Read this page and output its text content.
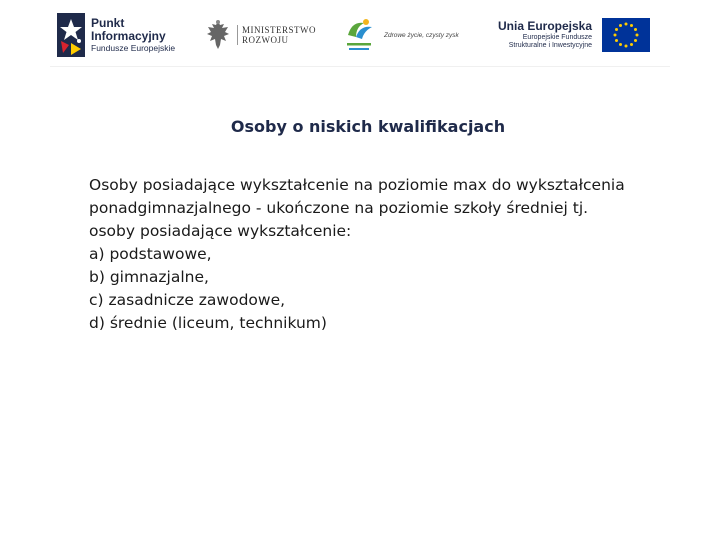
Punkt
Informacyjny
Fundusze Europejskie
MINISTERSTWO
ROZWOJU	Zdrowe życie, czysty zysk
Unia Europejska
Europejskie Fundusze
Strukturalne i Inwestycyjne
Osoby o niskich kwalifikacjach
Osoby posiadające wykształcenie na poziomie max do wykształcenia
ponadgimnazjalnego - ukończone na poziomie szkoły średniej tj.
osoby posiadające wykształcenie:
a) podstawowe,
b) gimnazjalne,
c) zasadnicze zawodowe,
d) średnie (liceum, technikum)
